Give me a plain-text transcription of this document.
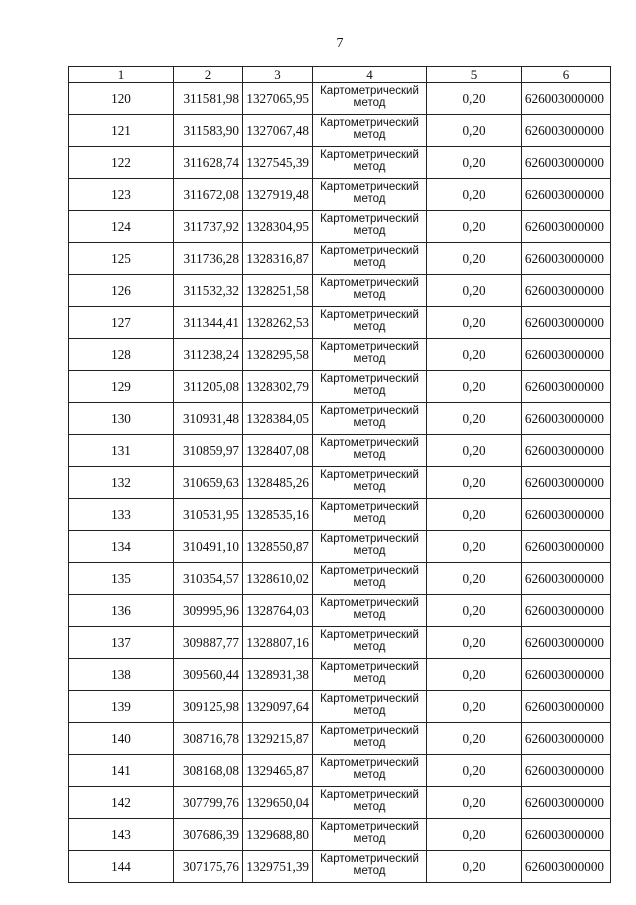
7
1	2	3	4	5	6
120	311581,98	1327065,95	Картометрический метод	0,20	626003000000
121	311583,90	1327067,48	Картометрический метод	0,20	626003000000
122	311628,74	1327545,39	Картометрический метод	0,20	626003000000
123	311672,08	1327919,48	Картометрический метод	0,20	626003000000
124	311737,92	1328304,95	Картометрический метод	0,20	626003000000
125	311736,28	1328316,87	Картометрический метод	0,20	626003000000
126	311532,32	1328251,58	Картометрический метод	0,20	626003000000
127	311344,41	1328262,53	Картометрический метод	0,20	626003000000
128	311238,24	1328295,58	Картометрический метод	0,20	626003000000
129	311205,08	1328302,79	Картометрический метод	0,20	626003000000
130	310931,48	1328384,05	Картометрический метод	0,20	626003000000
131	310859,97	1328407,08	Картометрический метод	0,20	626003000000
132	310659,63	1328485,26	Картометрический метод	0,20	626003000000
133	310531,95	1328535,16	Картометрический метод	0,20	626003000000
134	310491,10	1328550,87	Картометрический метод	0,20	626003000000
135	310354,57	1328610,02	Картометрический метод	0,20	626003000000
136	309995,96	1328764,03	Картометрический метод	0,20	626003000000
137	309887,77	1328807,16	Картометрический метод	0,20	626003000000
138	309560,44	1328931,38	Картометрический метод	0,20	626003000000
139	309125,98	1329097,64	Картометрический метод	0,20	626003000000
140	308716,78	1329215,87	Картометрический метод	0,20	626003000000
141	308168,08	1329465,87	Картометрический метод	0,20	626003000000
142	307799,76	1329650,04	Картометрический метод	0,20	626003000000
143	307686,39	1329688,80	Картометрический метод	0,20	626003000000
144	307175,76	1329751,39	Картометрический метод	0,20	626003000000
